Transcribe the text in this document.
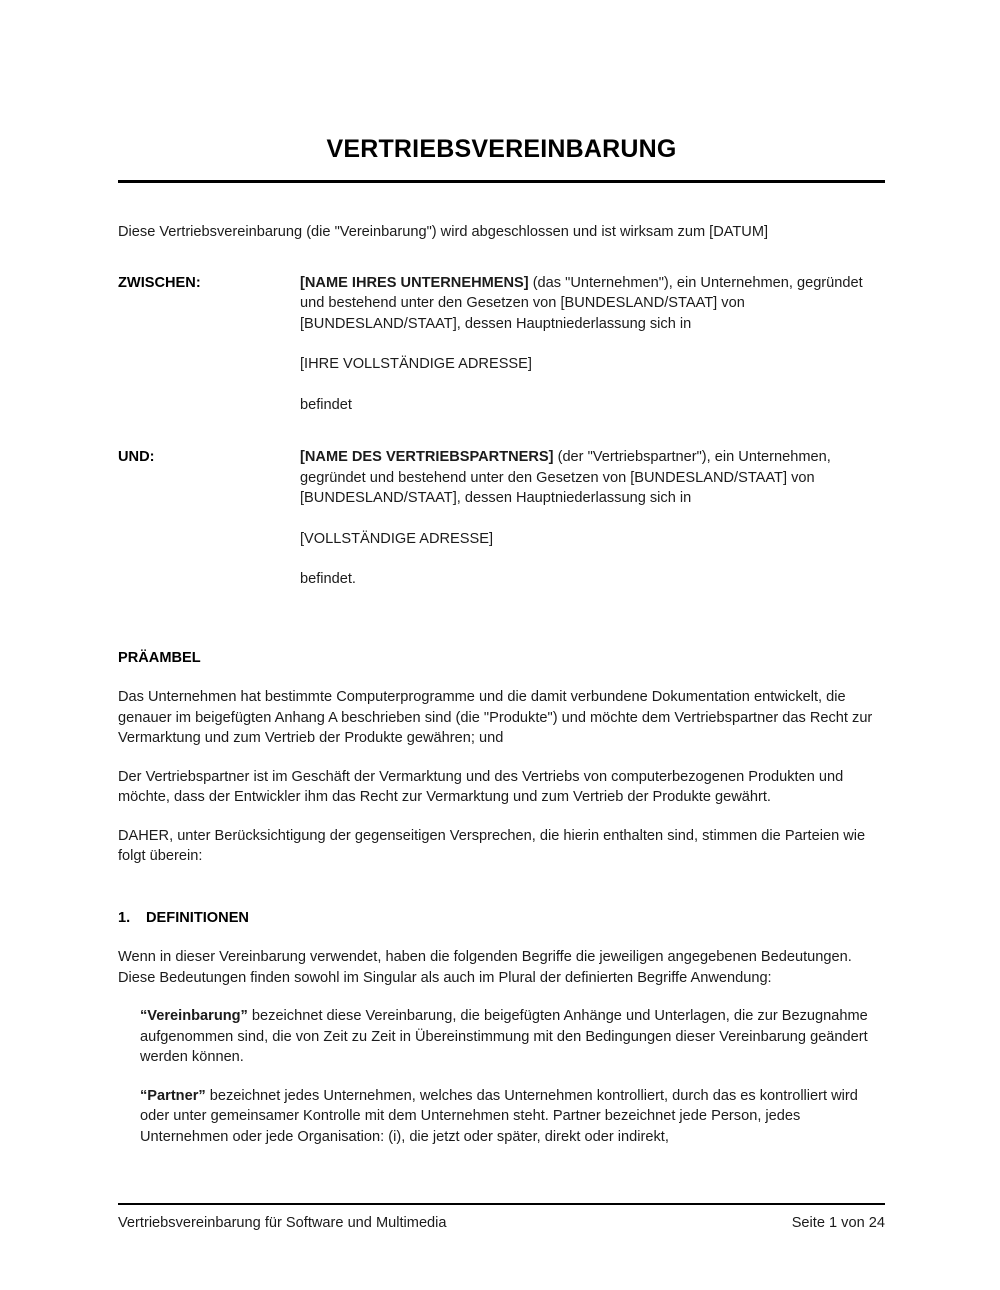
VERTRIEBSVEREINBARUNG

Diese Vertriebsvereinbarung (die "Vereinbarung") wird abgeschlossen und ist wirksam zum [DATUM]

ZWISCHEN:	[NAME IHRES UNTERNEHMENS] (das "Unternehmen"), ein Unternehmen, gegründet und bestehend unter den Gesetzen von [BUNDESLAND/STAAT] von [BUNDESLAND/STAAT], dessen Hauptniederlassung sich in

[IHRE VOLLSTÄNDIGE ADRESSE]

befindet

UND:	[NAME DES VERTRIEBSPARTNERS] (der "Vertriebspartner"), ein Unternehmen, gegründet und bestehend unter den Gesetzen von [BUNDESLAND/STAAT] von [BUNDESLAND/STAAT], dessen Hauptniederlassung sich in

[VOLLSTÄNDIGE ADRESSE]

befindet.

PRÄAMBEL

Das Unternehmen hat bestimmte Computerprogramme und die damit verbundene Dokumentation entwickelt, die genauer im beigefügten Anhang A beschrieben sind (die "Produkte") und möchte dem Vertriebspartner das Recht zur Vermarktung und zum Vertrieb der Produkte gewähren; und

Der Vertriebspartner ist im Geschäft der Vermarktung und des Vertriebs von computerbezogenen Produkten und möchte, dass der Entwickler ihm das Recht zur Vermarktung und zum Vertrieb der Produkte gewährt.

DAHER, unter Berücksichtigung der gegenseitigen Versprechen, die hierin enthalten sind, stimmen die Parteien wie folgt überein:

1.	DEFINITIONEN

Wenn in dieser Vereinbarung verwendet, haben die folgenden Begriffe die jeweiligen angegebenen Bedeutungen. Diese Bedeutungen finden sowohl im Singular als auch im Plural der definierten Begriffe Anwendung:

“Vereinbarung” bezeichnet diese Vereinbarung, die beigefügten Anhänge und Unterlagen, die zur Bezugnahme aufgenommen sind, die von Zeit zu Zeit in Übereinstimmung mit den Bedingungen dieser Vereinbarung geändert werden können.

“Partner” bezeichnet jedes Unternehmen, welches das Unternehmen kontrolliert, durch das es kontrolliert wird oder unter gemeinsamer Kontrolle mit dem Unternehmen steht. Partner bezeichnet jede Person, jedes Unternehmen oder jede Organisation: (i), die jetzt oder später, direkt oder indirekt,

Vertriebsvereinbarung für Software und Multimedia	Seite 1 von 24
